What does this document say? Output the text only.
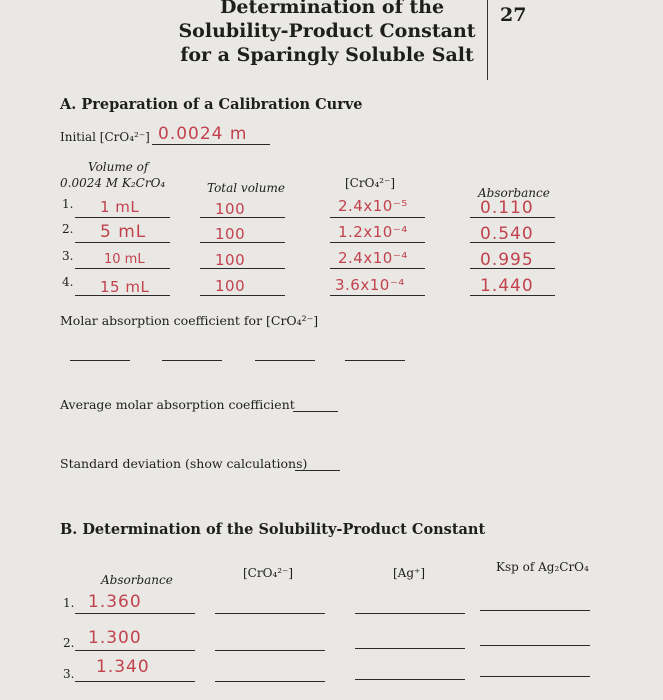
Determination of the
Solubility-Product Constant
for a Sparingly Soluble Salt
27
A. Preparation of a Calibration Curve
Initial [CrO₄²⁻] 0.0024 m
Volume of
0.0024 M K₂CrO₄	Total volume	[CrO₄²⁻]
Absorbance
1. 1 mL	100	2.4x10⁻⁵	0.110
2. 5 mL	100	1.2x10⁻⁴	0.540
3. 10 mL	100	2.4x10⁻⁴	0.995
4. 15 mL	100	3.6x10⁻⁴	1.440
Molar absorption coefficient for [CrO₄²⁻]
Average molar absorption coefficient
Standard deviation (show calculations)
B. Determination of the Solubility-Product Constant
Absorbance	[CrO₄²⁻]	[Ag⁺]	Ksp of Ag₂CrO₄
1. 1.360
2. 1.300
3. 1.340
